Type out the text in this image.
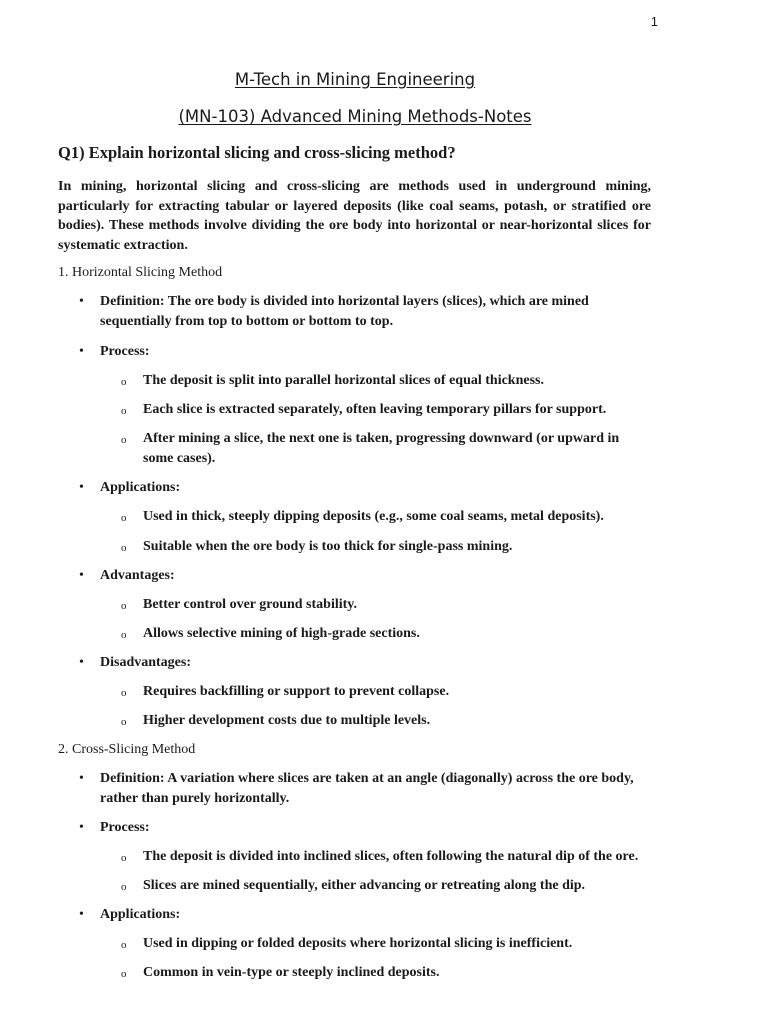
1
M-Tech in Mining Engineering
(MN-103) Advanced Mining Methods-Notes
Q1) Explain horizontal slicing and cross-slicing method?

In mining, horizontal slicing and cross-slicing are methods used in underground mining,
particularly for extracting tabular or layered deposits (like coal seams, potash, or stratified ore
bodies). These methods involve dividing the ore body into horizontal or near-horizontal slices for
systematic extraction.

1. Horizontal Slicing Method
• Definition: The ore body is divided into horizontal layers (slices), which are mined
sequentially from top to bottom or bottom to top.
• Process:
o The deposit is split into parallel horizontal slices of equal thickness.
o Each slice is extracted separately, often leaving temporary pillars for support.
o After mining a slice, the next one is taken, progressing downward (or upward in
some cases).
• Applications:
o Used in thick, steeply dipping deposits (e.g., some coal seams, metal deposits).
o Suitable when the ore body is too thick for single-pass mining.
• Advantages:
o Better control over ground stability.
o Allows selective mining of high-grade sections.
• Disadvantages:
o Requires backfilling or support to prevent collapse.
o Higher development costs due to multiple levels.
2. Cross-Slicing Method
• Definition: A variation where slices are taken at an angle (diagonally) across the ore body,
rather than purely horizontally.
• Process:
o The deposit is divided into inclined slices, often following the natural dip of the ore.
o Slices are mined sequentially, either advancing or retreating along the dip.
• Applications:
o Used in dipping or folded deposits where horizontal slicing is inefficient.
o Common in vein-type or steeply inclined deposits.
